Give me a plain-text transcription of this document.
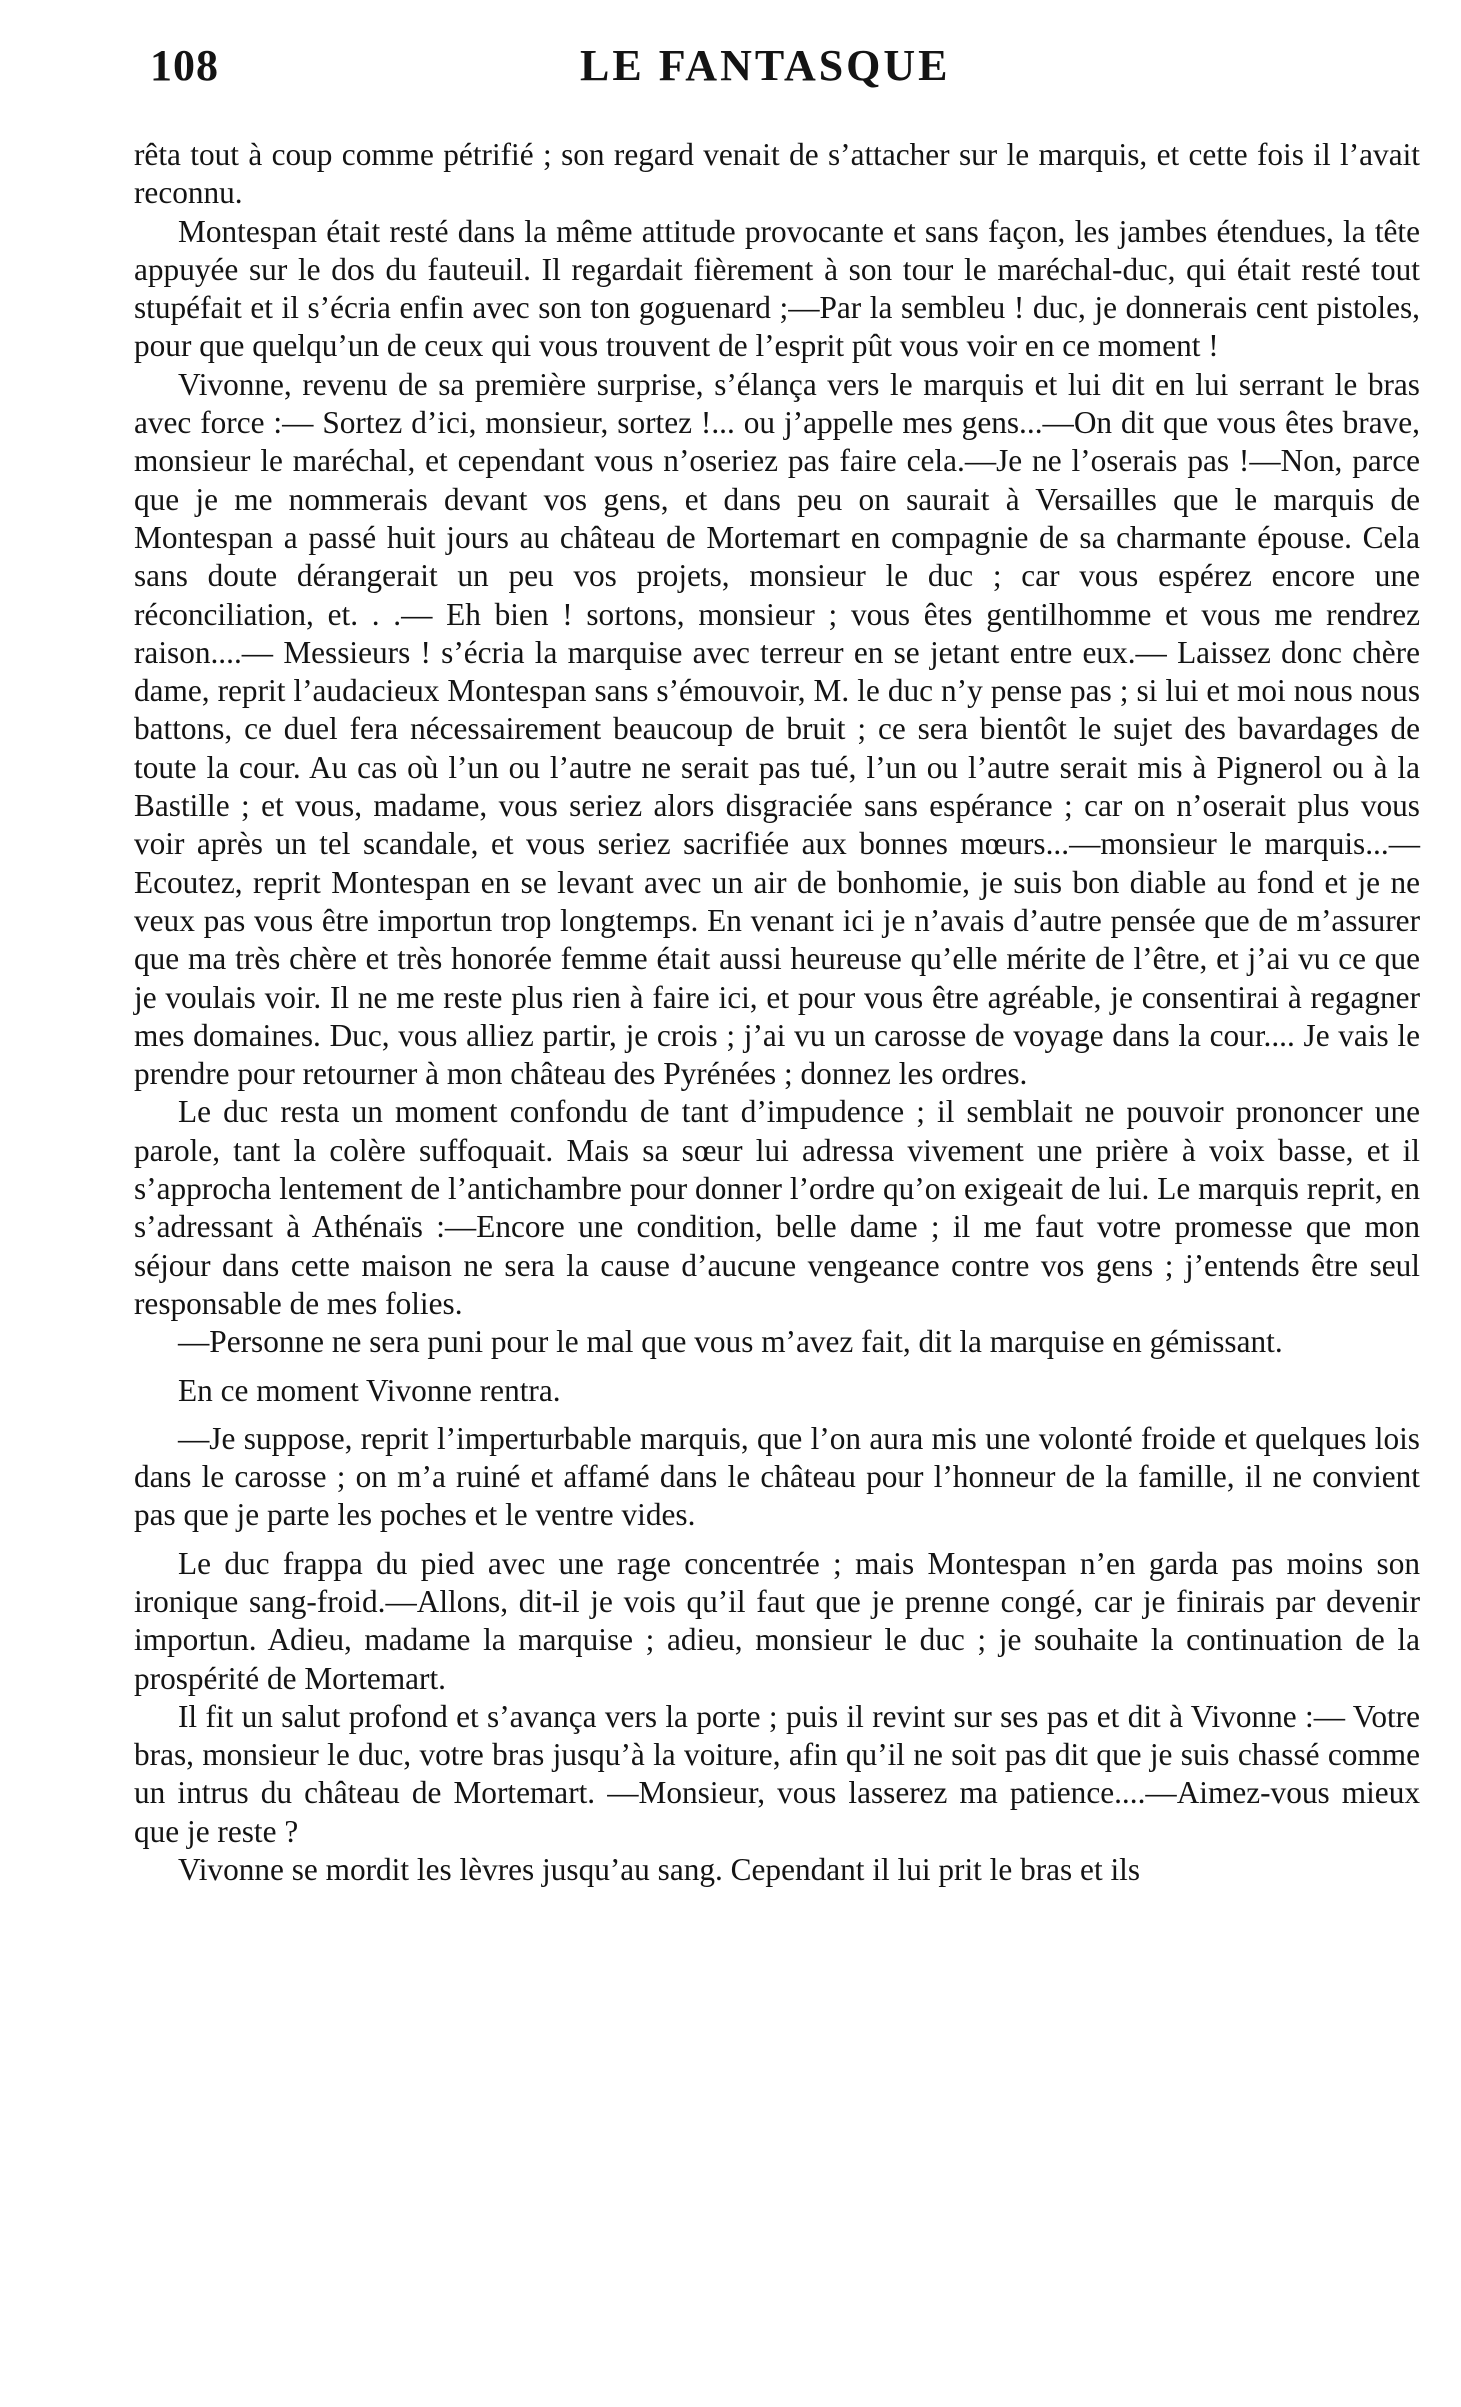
108	LE FANTASQUE

rêta tout à coup comme pétrifié ; son regard venait de s’attacher sur le marquis, et cette fois il l’avait reconnu.

Montespan était resté dans la même attitude provocante et sans façon, les jambes étendues, la tête appuyée sur le dos du fauteuil. Il regardait fièrement à son tour le maréchal-duc, qui était resté tout stupéfait et il s’écria enfin avec son ton goguenard ;—Par la sembleu ! duc, je donnerais cent pistoles, pour que quelqu’un de ceux qui vous trouvent de l’esprit pût vous voir en ce moment !

Vivonne, revenu de sa première surprise, s’élança vers le marquis et lui dit en lui serrant le bras avec force :— Sortez d’ici, monsieur, sortez !... ou j’appelle mes gens...—On dit que vous êtes brave, monsieur le maréchal, et cependant vous n’oseriez pas faire cela.—Je ne l’oserais pas !—Non, parce que je me nommerais devant vos gens, et dans peu on saurait à Versailles que le marquis de Montespan a passé huit jours au château de Mortemart en compagnie de sa charmante épouse. Cela sans doute dérangerait un peu vos projets, monsieur le duc ; car vous espérez encore une réconciliation, et. . .— Eh bien ! sortons, monsieur ; vous êtes gentilhomme et vous me rendrez raison....— Messieurs ! s’écria la marquise avec terreur en se jetant entre eux.— Laissez donc chère dame, reprit l’audacieux Montespan sans s’émouvoir, M. le duc n’y pense pas ; si lui et moi nous nous battons, ce duel fera nécessairement beaucoup de bruit ; ce sera bientôt le sujet des bavardages de toute la cour. Au cas où l’un ou l’autre ne serait pas tué, l’un ou l’autre serait mis à Pignerol ou à la Bastille ; et vous, madame, vous seriez alors disgraciée sans espérance ; car on n’oserait plus vous voir après un tel scandale, et vous seriez sacrifiée aux bonnes mœurs...—monsieur le marquis...—Ecoutez, reprit Montespan en se levant avec un air de bonhomie, je suis bon diable au fond et je ne veux pas vous être importun trop longtemps. En venant ici je n’avais d’autre pensée que de m’assurer que ma très chère et très honorée femme était aussi heureuse qu’elle mérite de l’être, et j’ai vu ce que je voulais voir. Il ne me reste plus rien à faire ici, et pour vous être agréable, je consentirai à regagner mes domaines. Duc, vous alliez partir, je crois ; j’ai vu un carosse de voyage dans la cour.... Je vais le prendre pour retourner à mon château des Pyrénées ; donnez les ordres.

Le duc resta un moment confondu de tant d’impudence ; il semblait ne pouvoir prononcer une parole, tant la colère suffoquait. Mais sa sœur lui adressa vivement une prière à voix basse, et il s’approcha lentement de l’antichambre pour donner l’ordre qu’on exigeait de lui. Le marquis reprit, en s’adressant à Athénaïs :—Encore une condition, belle dame ; il me faut votre promesse que mon séjour dans cette maison ne sera la cause d’aucune vengeance contre vos gens ; j’entends être seul responsable de mes folies.

—Personne ne sera puni pour le mal que vous m’avez fait, dit la marquise en gémissant.

En ce moment Vivonne rentra.

—Je suppose, reprit l’imperturbable marquis, que l’on aura mis une volonté froide et quelques lois dans le carosse ; on m’a ruiné et affamé dans le château pour l’honneur de la famille, il ne convient pas que je parte les poches et le ventre vides.

Le duc frappa du pied avec une rage concentrée ; mais Montespan n’en garda pas moins son ironique sang-froid.—Allons, dit-il je vois qu’il faut que je prenne congé, car je finirais par devenir importun. Adieu, madame la marquise ; adieu, monsieur le duc ; je souhaite la continuation de la prospérité de Mortemart.

Il fit un salut profond et s’avança vers la porte ; puis il revint sur ses pas et dit à Vivonne :— Votre bras, monsieur le duc, votre bras jusqu’à la voiture, afin qu’il ne soit pas dit que je suis chassé comme un intrus du château de Mortemart. —Monsieur, vous lasserez ma patience....—Aimez-vous mieux que je reste ?

Vivonne se mordit les lèvres jusqu’au sang. Cependant il lui prit le bras et ils
